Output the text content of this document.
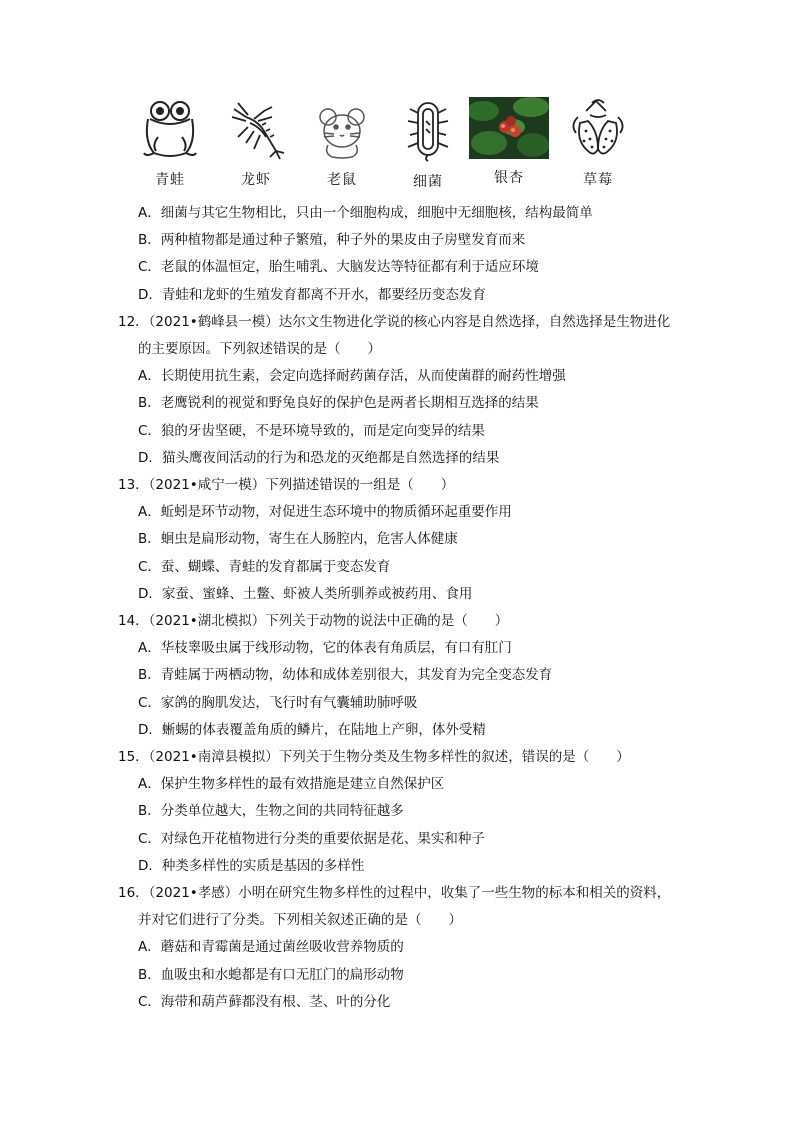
青蛙	龙虾	老鼠	细菌	银杏	草莓
A．细菌与其它生物相比，只由一个细胞构成，细胞中无细胞核，结构最简单
B．两种植物都是通过种子繁殖，种子外的果皮由子房壁发育而来
C．老鼠的体温恒定，胎生哺乳、大脑发达等特征都有利于适应环境
D．青蛙和龙虾的生殖发育都离不开水，都要经历变态发育
12．（2021•鹤峰县一模）达尔文生物进化学说的核心内容是自然选择，自然选择是生物进化
的主要原因。下列叙述错误的是（　　）
A．长期使用抗生素，会定向选择耐药菌存活，从而使菌群的耐药性增强
B．老鹰锐利的视觉和野兔良好的保护色是两者长期相互选择的结果
C．狼的牙齿坚硬，不是环境导致的，而是定向变异的结果
D．猫头鹰夜间活动的行为和恐龙的灭绝都是自然选择的结果
13．（2021•咸宁一模）下列描述错误的一组是（　　）
A．蚯蚓是环节动物，对促进生态环境中的物质循环起重要作用
B．蛔虫是扁形动物，寄生在人肠腔内，危害人体健康
C．蚕、蝴蝶、青蛙的发育都属于变态发育
D．家蚕、蜜蜂、土鳖、虾被人类所驯养或被药用、食用
14．（2021•湖北模拟）下列关于动物的说法中正确的是（　　）
A．华枝睾吸虫属于线形动物，它的体表有角质层，有口有肛门
B．青蛙属于两栖动物，幼体和成体差别很大，其发育为完全变态发育
C．家鸽的胸肌发达，飞行时有气囊辅助肺呼吸
D．蜥蜴的体表覆盖角质的鳞片，在陆地上产卵，体外受精
15．（2021•南漳县模拟）下列关于生物分类及生物多样性的叙述，错误的是（　　）
A．保护生物多样性的最有效措施是建立自然保护区
B．分类单位越大，生物之间的共同特征越多
C．对绿色开花植物进行分类的重要依据是花、果实和种子
D．种类多样性的实质是基因的多样性
16．（2021•孝感）小明在研究生物多样性的过程中，收集了一些生物的标本和相关的资料，
并对它们进行了分类。下列相关叙述正确的是（　　）
A．蘑菇和青霉菌是通过菌丝吸收营养物质的
B．血吸虫和水螅都是有口无肛门的扁形动物
C．海带和葫芦藓都没有根、茎、叶的分化
